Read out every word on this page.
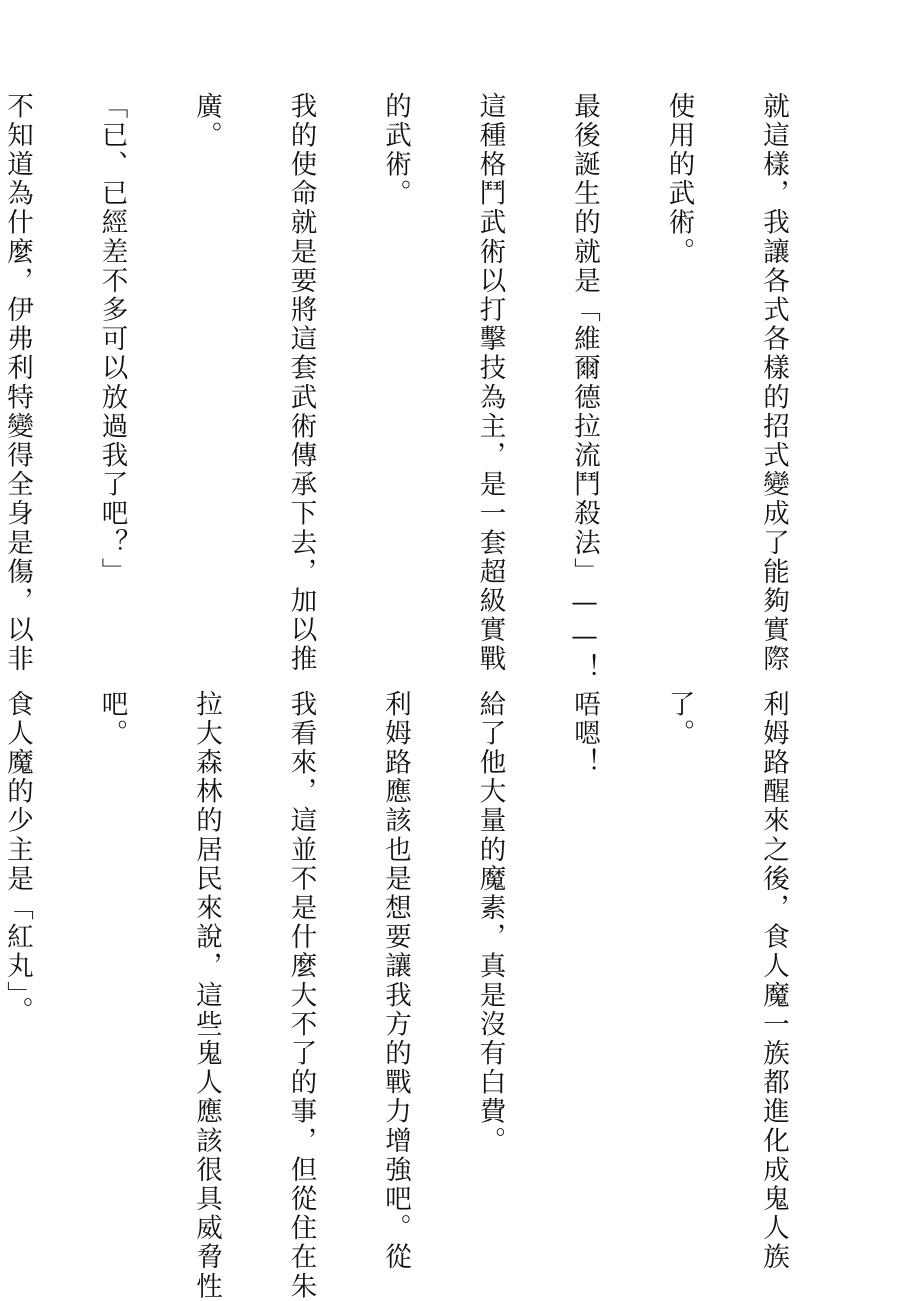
就這樣，我讓各式各樣的招式變成了能夠實際

使用的武術。

最後誕生的就是「維爾德拉流鬥殺法」——！

這種格鬥武術以打擊技為主，是一套超級實戰

的武術。

我的使命就是要將這套武術傳承下去，加以推

廣。

「已、已經差不多可以放過我了吧？」

不知道為什麼，伊弗利特變得全身是傷，以非

利姆路醒來之後，食人魔一族都進化成鬼人族

了。

唔嗯！

給了他大量的魔素，真是沒有白費。

利姆路應該也是想要讓我方的戰力增強吧。從

我看來，這並不是什麼大不了的事，但從住在朱

拉大森林的居民來說，這些鬼人應該很具威脅性

吧。

食人魔的少主是「紅丸」。
